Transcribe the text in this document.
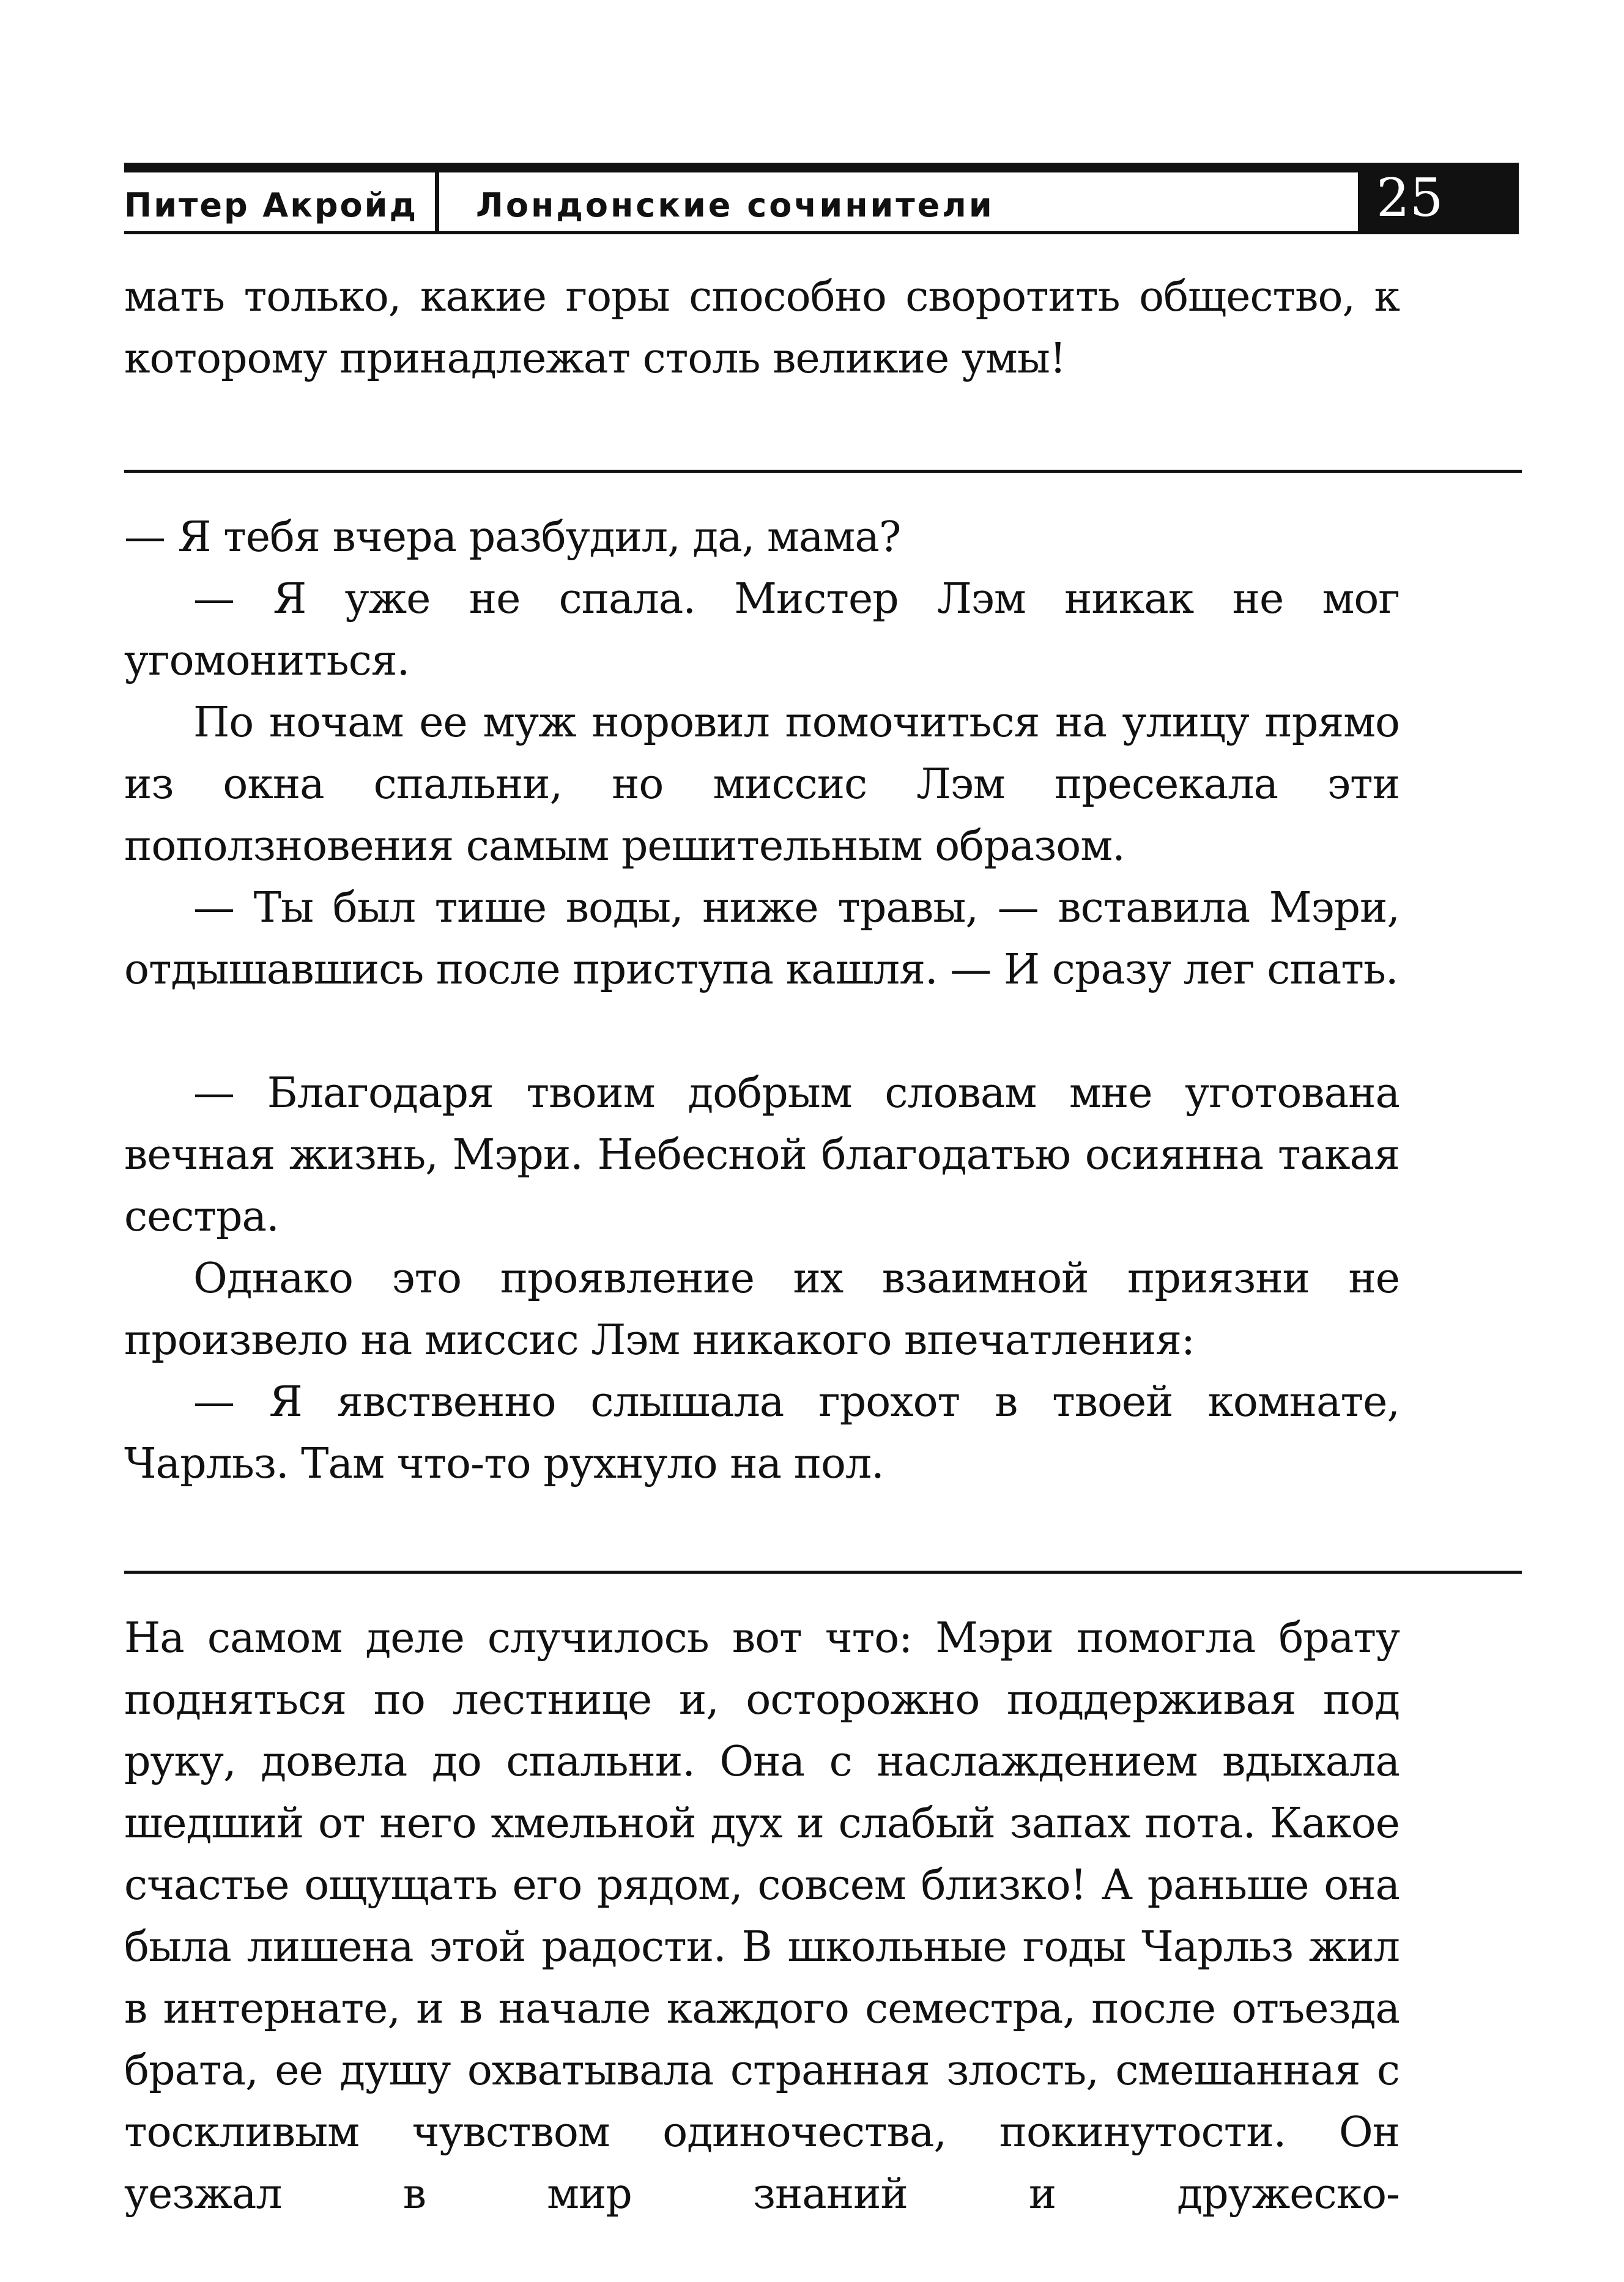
Питер Акройд Лондонские сочинители	25

мать только, какие горы способно своротить общество, к которому принадлежат столь великие умы!

— Я тебя вчера разбудил, да, мама?

— Я уже не спала. Мистер Лэм никак не мог угомониться.

По ночам ее муж норовил помочиться на улицу прямо из окна спальни, но миссис Лэм пресекала эти поползновения самым решительным образом.

— Ты был тише воды, ниже травы, — вставила Мэри, отдышавшись после приступа кашля. — И сразу лег спать.

— Благодаря твоим добрым словам мне уготована вечная жизнь, Мэри. Небесной благодатью осиянна такая сестра.

Однако это проявление их взаимной приязни не произвело на миссис Лэм никакого впечатления:

— Я явственно слышала грохот в твоей комнате, Чарльз. Там что-то рухнуло на пол.

На самом деле случилось вот что: Мэри помогла брату подняться по лестнице и, осторожно поддерживая под руку, довела до спальни. Она с наслаждением вдыхала шедший от него хмельной дух и слабый запах пота. Какое счастье ощущать его рядом, совсем близко! А раньше она была лишена этой радости. В школьные годы Чарльз жил в интернате, и в начале каждого семестра, после отъезда брата, ее душу охватывала странная злость, смешанная с тоскливым чувством одиночества, покинутости. Он уезжал в мир знаний и дружеско-
